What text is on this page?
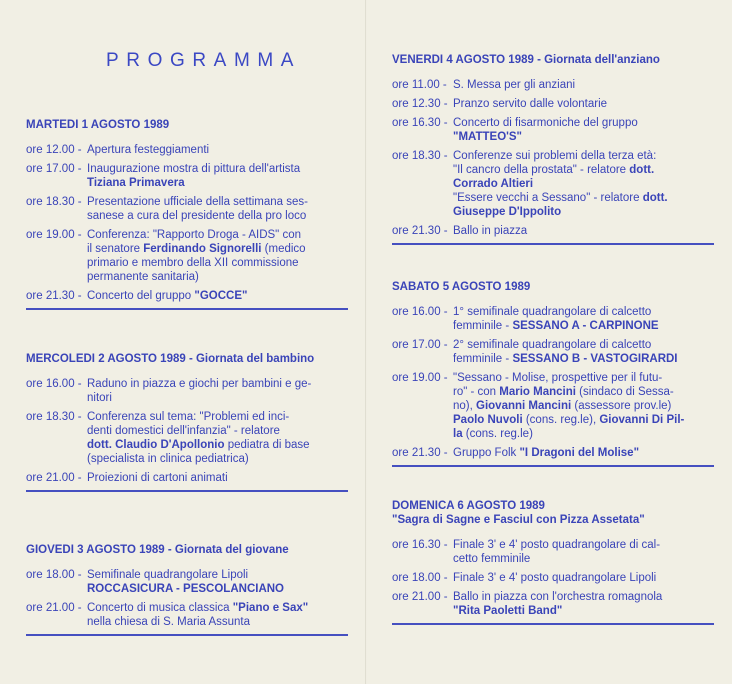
PROGRAMMA
MARTEDI 1 AGOSTO 1989
ore 12.00 - Apertura festeggiamenti
ore 17.00 - Inaugurazione mostra di pittura dell'artista
Tiziana Primavera
ore 18.30 - Presentazione ufficiale della settimana ses-
sanese a cura del presidente della pro loco
ore 19.00 - Conferenza: "Rapporto Droga - AIDS" con
il senatore Ferdinando Signorelli (medico
primario e membro della XII commissione
permanente sanitaria)
ore 21.30 - Concerto del gruppo "GOCCE"
MERCOLEDI 2 AGOSTO 1989 - Giornata del bambino
ore 16.00 - Raduno in piazza e giochi per bambini e ge-
nitori
ore 18.30 - Conferenza sul tema: "Problemi ed inci-
denti domestici dell'infanzia" - relatore
dott. Claudio D'Apollonio pediatra di base
(specialista in clinica pediatrica)
ore 21.00 - Proiezioni di cartoni animati
GIOVEDI 3 AGOSTO 1989 - Giornata del giovane
ore 18.00 - Semifinale quadrangolare Lipoli
ROCCASICURA - PESCOLANCIANO
ore 21.00 - Concerto di musica classica "Piano e Sax"
nella chiesa di S. Maria Assunta
VENERDI 4 AGOSTO 1989 - Giornata dell'anziano
ore 11.00 - S. Messa per gli anziani
ore 12.30 - Pranzo servito dalle volontarie
ore 16.30 - Concerto di fisarmoniche del gruppo
"MATTEO'S"
ore 18.30 - Conferenze sui problemi della terza età:
"Il cancro della prostata" - relatore dott.
Corrado Altieri
"Essere vecchi a Sessano" - relatore dott.
Giuseppe D'Ippolito
ore 21.30 - Ballo in piazza
SABATO 5 AGOSTO 1989
ore 16.00 - 1° semifinale quadrangolare di calcetto
femminile - SESSANO A - CARPINONE
ore 17.00 - 2° semifinale quadrangolare di calcetto
femminile - SESSANO B - VASTOGIRARDI
ore 19.00 - "Sessano - Molise, prospettive per il futu-
ro" - con Mario Mancini (sindaco di Sessa-
no), Giovanni Mancini (assessore prov.le)
Paolo Nuvoli (cons. reg.le), Giovanni Di Pil-
la (cons. reg.le)
ore 21.30 - Gruppo Folk "I Dragoni del Molise"
DOMENICA 6 AGOSTO 1989
"Sagra di Sagne e Fasciul con Pizza Assetata"
ore 16.30 - Finale 3' e 4' posto quadrangolare di cal-
cetto femminile
ore 18.00 - Finale 3' e 4' posto quadrangolare Lipoli
ore 21.00 - Ballo in piazza con l'orchestra romagnola
"Rita Paoletti Band"
